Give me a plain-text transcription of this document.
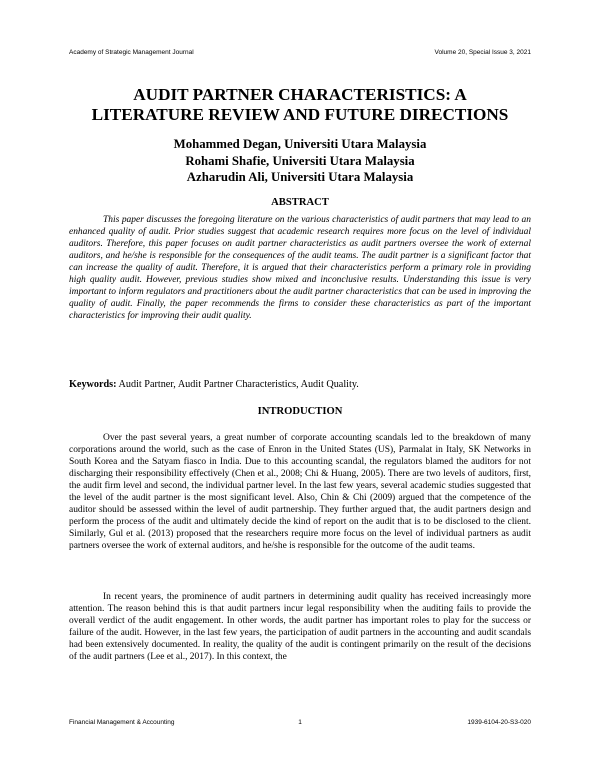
Academy of Strategic Management Journal	Volume 20, Special Issue 3, 2021
AUDIT PARTNER CHARACTERISTICS: A
LITERATURE REVIEW AND FUTURE DIRECTIONS
Mohammed Degan, Universiti Utara Malaysia
Rohami Shafie, Universiti Utara Malaysia
Azharudin Ali, Universiti Utara Malaysia
ABSTRACT
This paper discusses the foregoing literature on the various characteristics of audit partners that may lead to an enhanced quality of audit. Prior studies suggest that academic research requires more focus on the level of individual auditors. Therefore, this paper focuses on audit partner characteristics as audit partners oversee the work of external auditors, and he/she is responsible for the consequences of the audit teams. The audit partner is a significant factor that can increase the quality of audit. Therefore, it is argued that their characteristics perform a primary role in providing high quality audit. However, previous studies show mixed and inconclusive results. Understanding this issue is very important to inform regulators and practitioners about the audit partner characteristics that can be used in improving the quality of audit. Finally, the paper recommends the firms to consider these characteristics as part of the important characteristics for improving their audit quality.
Keywords: Audit Partner, Audit Partner Characteristics, Audit Quality.
INTRODUCTION
Over the past several years, a great number of corporate accounting scandals led to the breakdown of many corporations around the world, such as the case of Enron in the United States (US), Parmalat in Italy, SK Networks in South Korea and the Satyam fiasco in India. Due to this accounting scandal, the regulators blamed the auditors for not discharging their responsibility effectively (Chen et al., 2008; Chi & Huang, 2005). There are two levels of auditors, first, the audit firm level and second, the individual partner level. In the last few years, several academic studies suggested that the level of the audit partner is the most significant level. Also, Chin & Chi (2009) argued that the competence of the auditor should be assessed within the level of audit partnership. They further argued that, the audit partners design and perform the process of the audit and ultimately decide the kind of report on the audit that is to be disclosed to the client. Similarly, Gul et al. (2013) proposed that the researchers require more focus on the level of individual partners as audit partners oversee the work of external auditors, and he/she is responsible for the outcome of the audit teams.
In recent years, the prominence of audit partners in determining audit quality has received increasingly more attention. The reason behind this is that audit partners incur legal responsibility when the auditing fails to provide the overall verdict of the audit engagement. In other words, the audit partner has important roles to play for the success or failure of the audit. However, in the last few years, the participation of audit partners in the accounting and audit scandals had been extensively documented. In reality, the quality of the audit is contingent primarily on the result of the decisions of the audit partners (Lee et al., 2017). In this context, the
Financial Management & Accounting	1	1939-6104-20-S3-020
